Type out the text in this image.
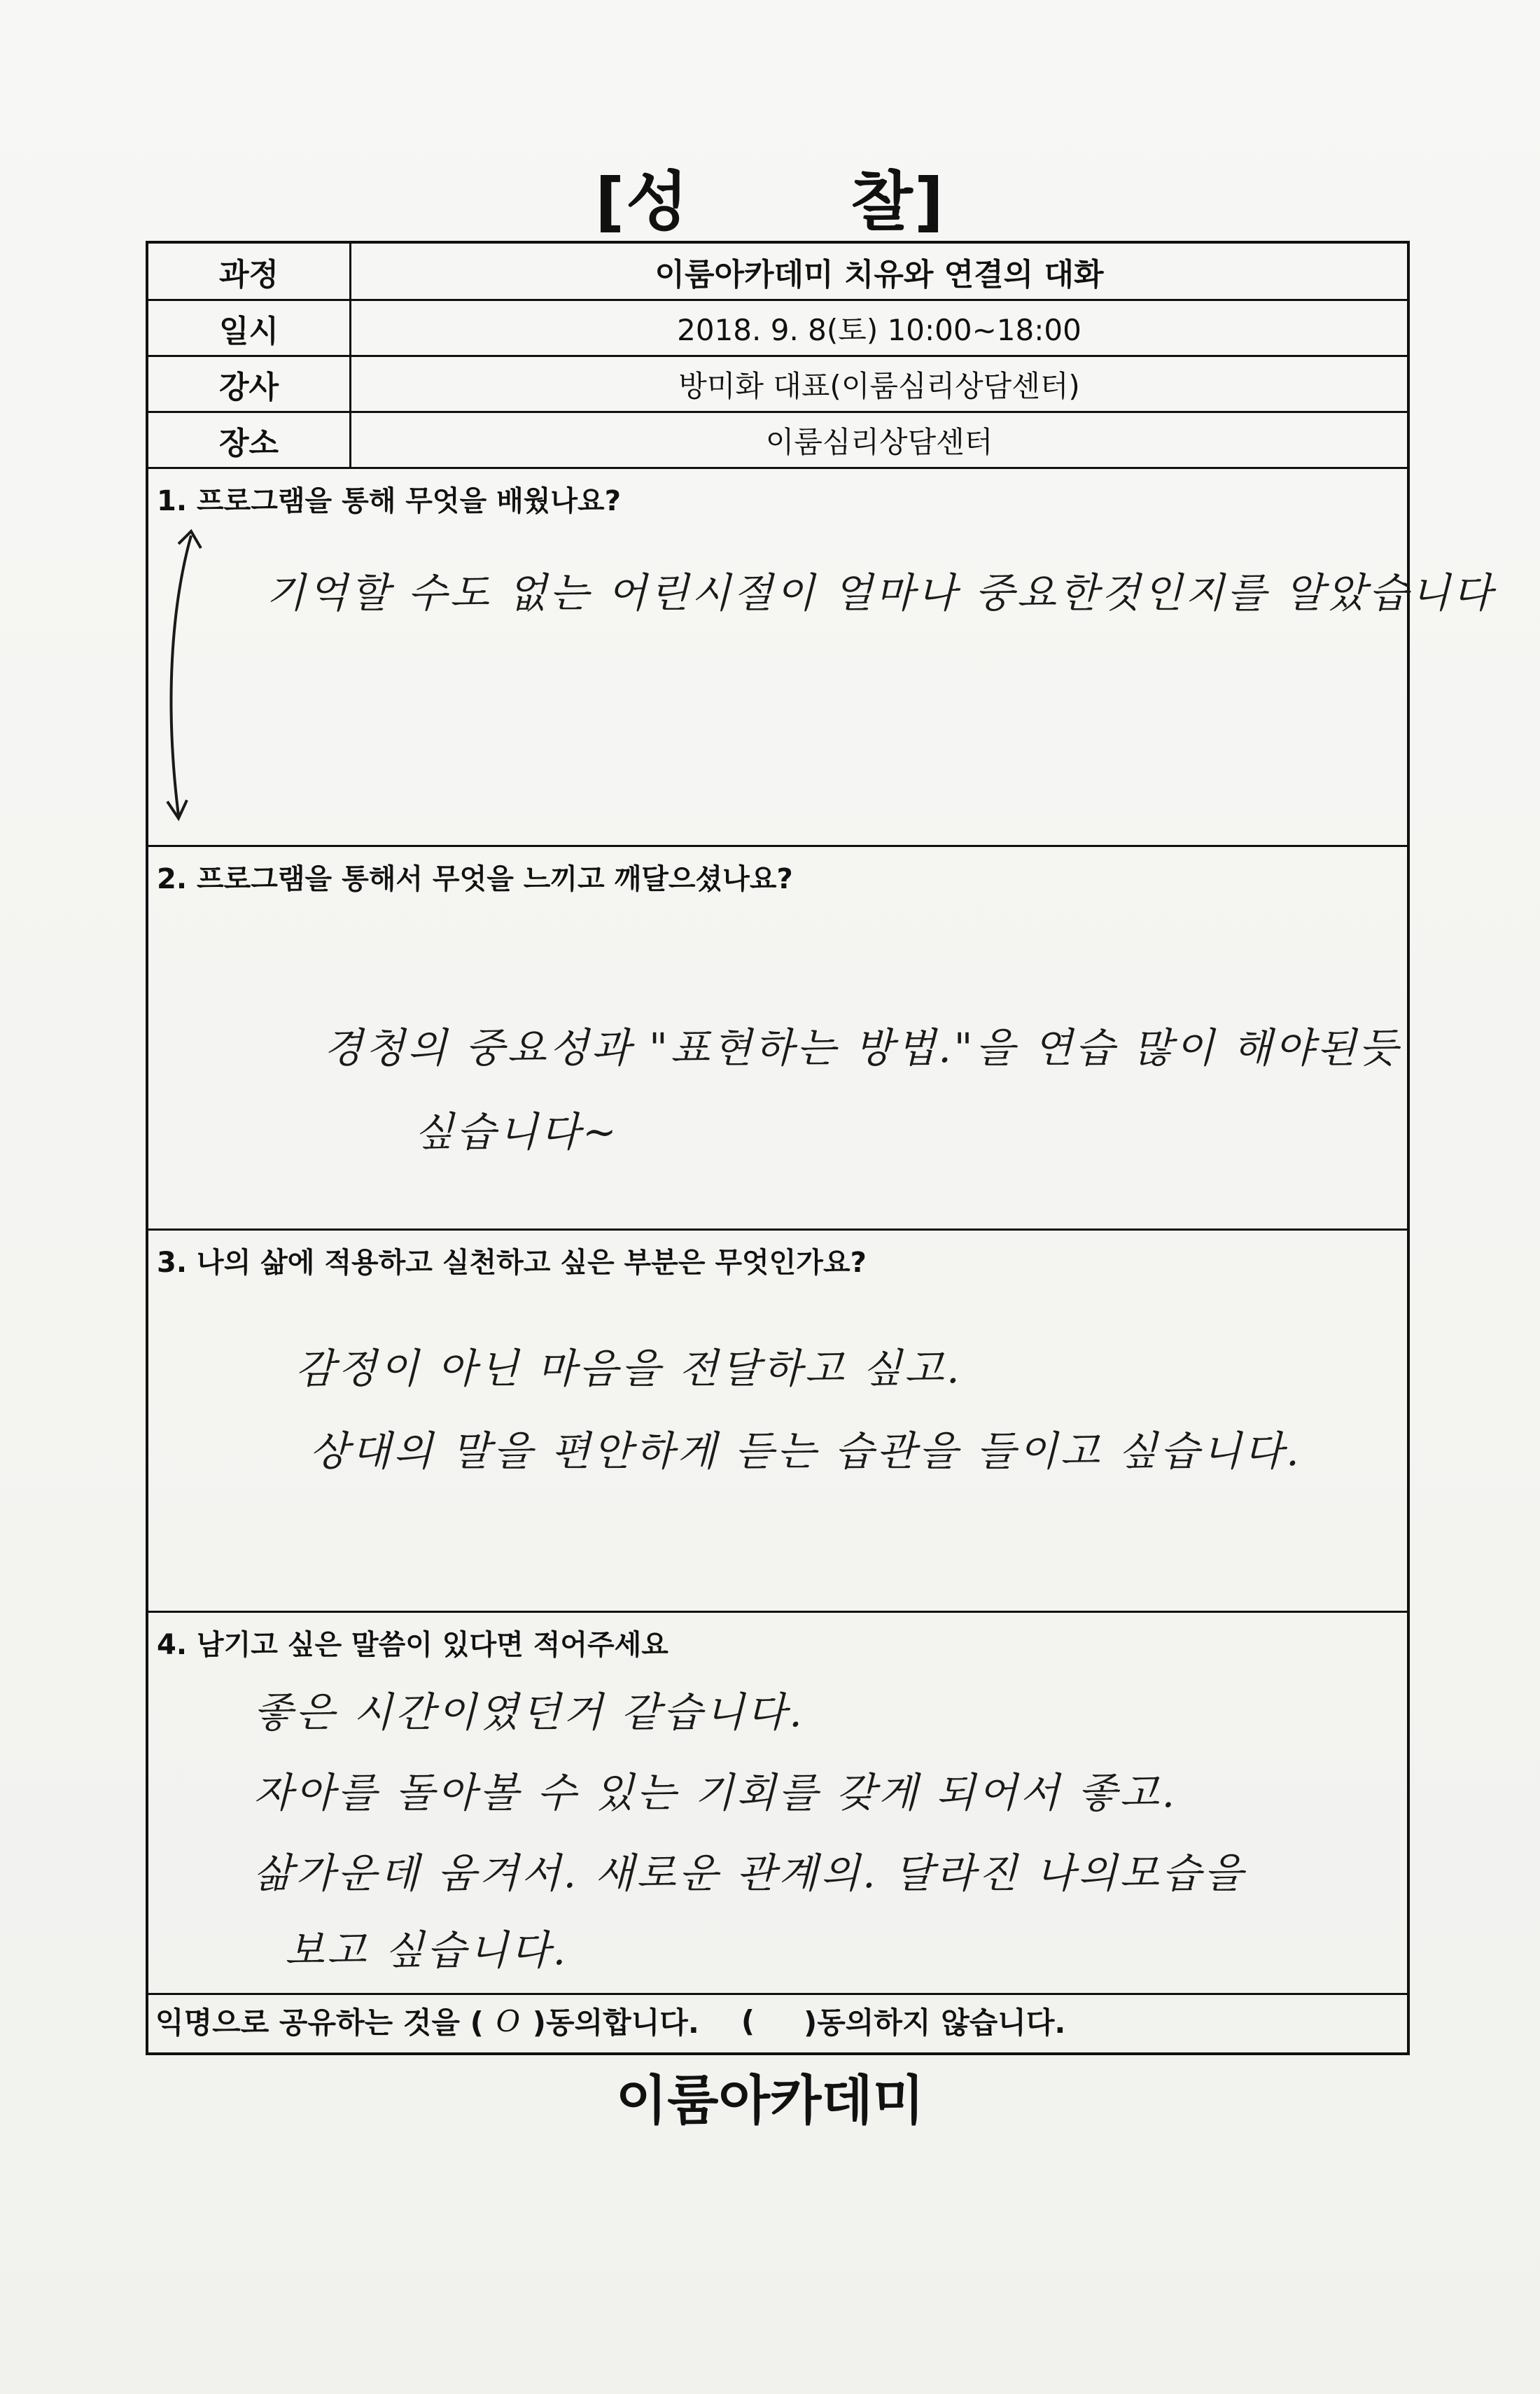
[성	찰]
과정	이룸아카데미 치유와 연결의 대화
일시	2018. 9. 8(토) 10:00~18:00
강사	방미화 대표(이룸심리상담센터)
장소	이룸심리상담센터
1. 프로그램을 통해 무엇을 배웠나요?
기억할 수도 없는 어린시절이 얼마나 중요한것인지를 알았습니다
2. 프로그램을 통해서 무엇을 느끼고 깨달으셨나요?
경청의 중요성과 "표현하는 방법."을 연습 많이 해야된듯
싶습니다~
3. 나의 삶에 적용하고 실천하고 싶은 부분은 무엇인가요?
감정이 아닌 마음을 전달하고 싶고.
상대의 말을 편안하게 듣는 습관을 들이고 싶습니다.
4. 남기고 싶은 말씀이 있다면 적어주세요
좋은 시간이였던거 같습니다.
자아를 돌아볼 수 있는 기회를 갖게 되어서 좋고.
삶가운데 움겨서. 새로운 관계의. 달라진 나의모습을
보고 싶습니다.
익명으로 공유하는 것을 ( O )동의합니다. ( )동의하지 않습니다.
이룸아카데미
